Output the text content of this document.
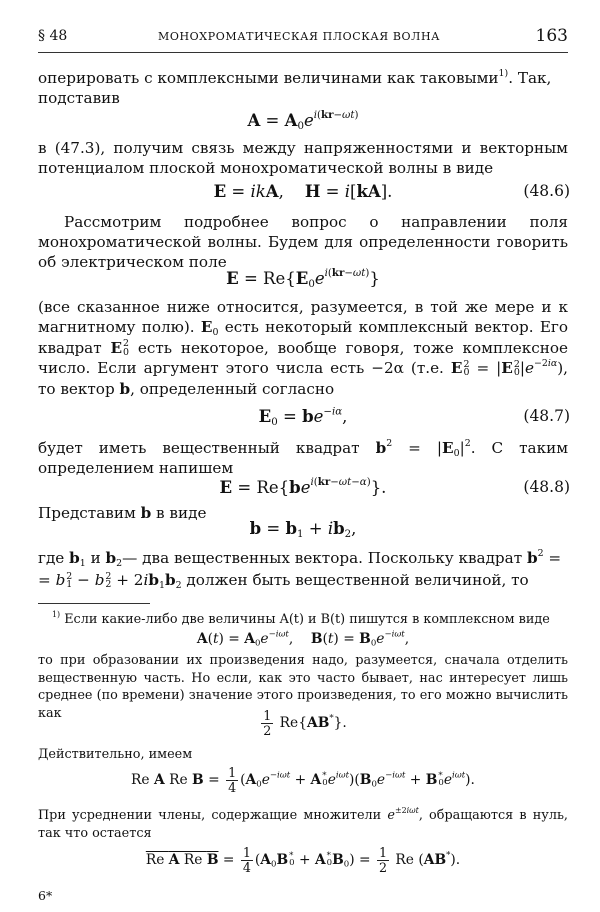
§ 48	МОНОХРОМАТИЧЕСКАЯ ПЛОСКАЯ ВОЛНА	163

оперировать с комплексными величинами как таковыми$^{1)}$. Так,
подставив

$A = A_0e^{i(kr-\omega t)}$

в (47.3), получим связь между напряженностями и векторным потенциалом плоской монохроматической волны в виде

E = ikA,    H = i[kA].	(48.6)

Рассмотрим подробнее вопрос о направлении поля монохроматической волны. Будем для определенности говорить об электрическом поле

$E = Re\{E_0e^{i(kr-\omega t)}\}$

(все сказанное ниже относится, разумеется, в той же мере и к магнитному полю). $E_0$ есть некоторый комплексный вектор. Его квадрат E 2
0 есть некоторое, вообще говоря, тоже комплексное число. Если аргумент этого числа есть −2α (т.е. E 2
0 = |E 2
0 $|e^{-2i\alpha}$), то вектор b, определенный согласно

$E_0 = be^{-i\alpha}$,	(48.7)

будет иметь вещественный квадрат $b^2 = |E_0|^2$. С таким определением напишем

$E = Re\{be^{i(kr-\omega t-\alpha)}\}$.	(48.8)

Представим b в виде

$b = b_1 + ib_2$,

где $b_1$ и $b_2—$ два вещественных вектора. Поскольку квадрат $b^2$ =
= b 2
1 − b 2
$2 + 2ib_1b_2$ должен быть вещественной величиной, то

$^{1)}$ Если какие-либо две величины A(t) и B(t) пишутся в комплексном виде

$A(t) = A_0e^{-i\omega t}$,    $B(t) = B_0e^{-i\omega t}$,

то при образовании их произведения надо, разумеется, сначала отделить вещественную часть. Но если, как это часто бывает, нас интересует лишь среднее (по времени) значение этого произведения, то его можно вычислить как	$\frac{1}{2} Re\{AB^*\}$.

Действительно, имеем

Re A Re $B = \frac{1}{4} (A_0e^{-i\omega t} + A$ *
0 $e^{i\omega t})(B_0e^{-i\omega t} + B$ *
0 $e^{i\omega t}$).

При усреднении члены, содержащие множители $e^{\pm 2i\omega t}$, обращаются в нуль, так что остается

Re A Re $B = \frac{1}{4} (A_0B$ *
0 + A *
0 $B_0) = \frac{1}{2}$ Re (AB*).
6*
